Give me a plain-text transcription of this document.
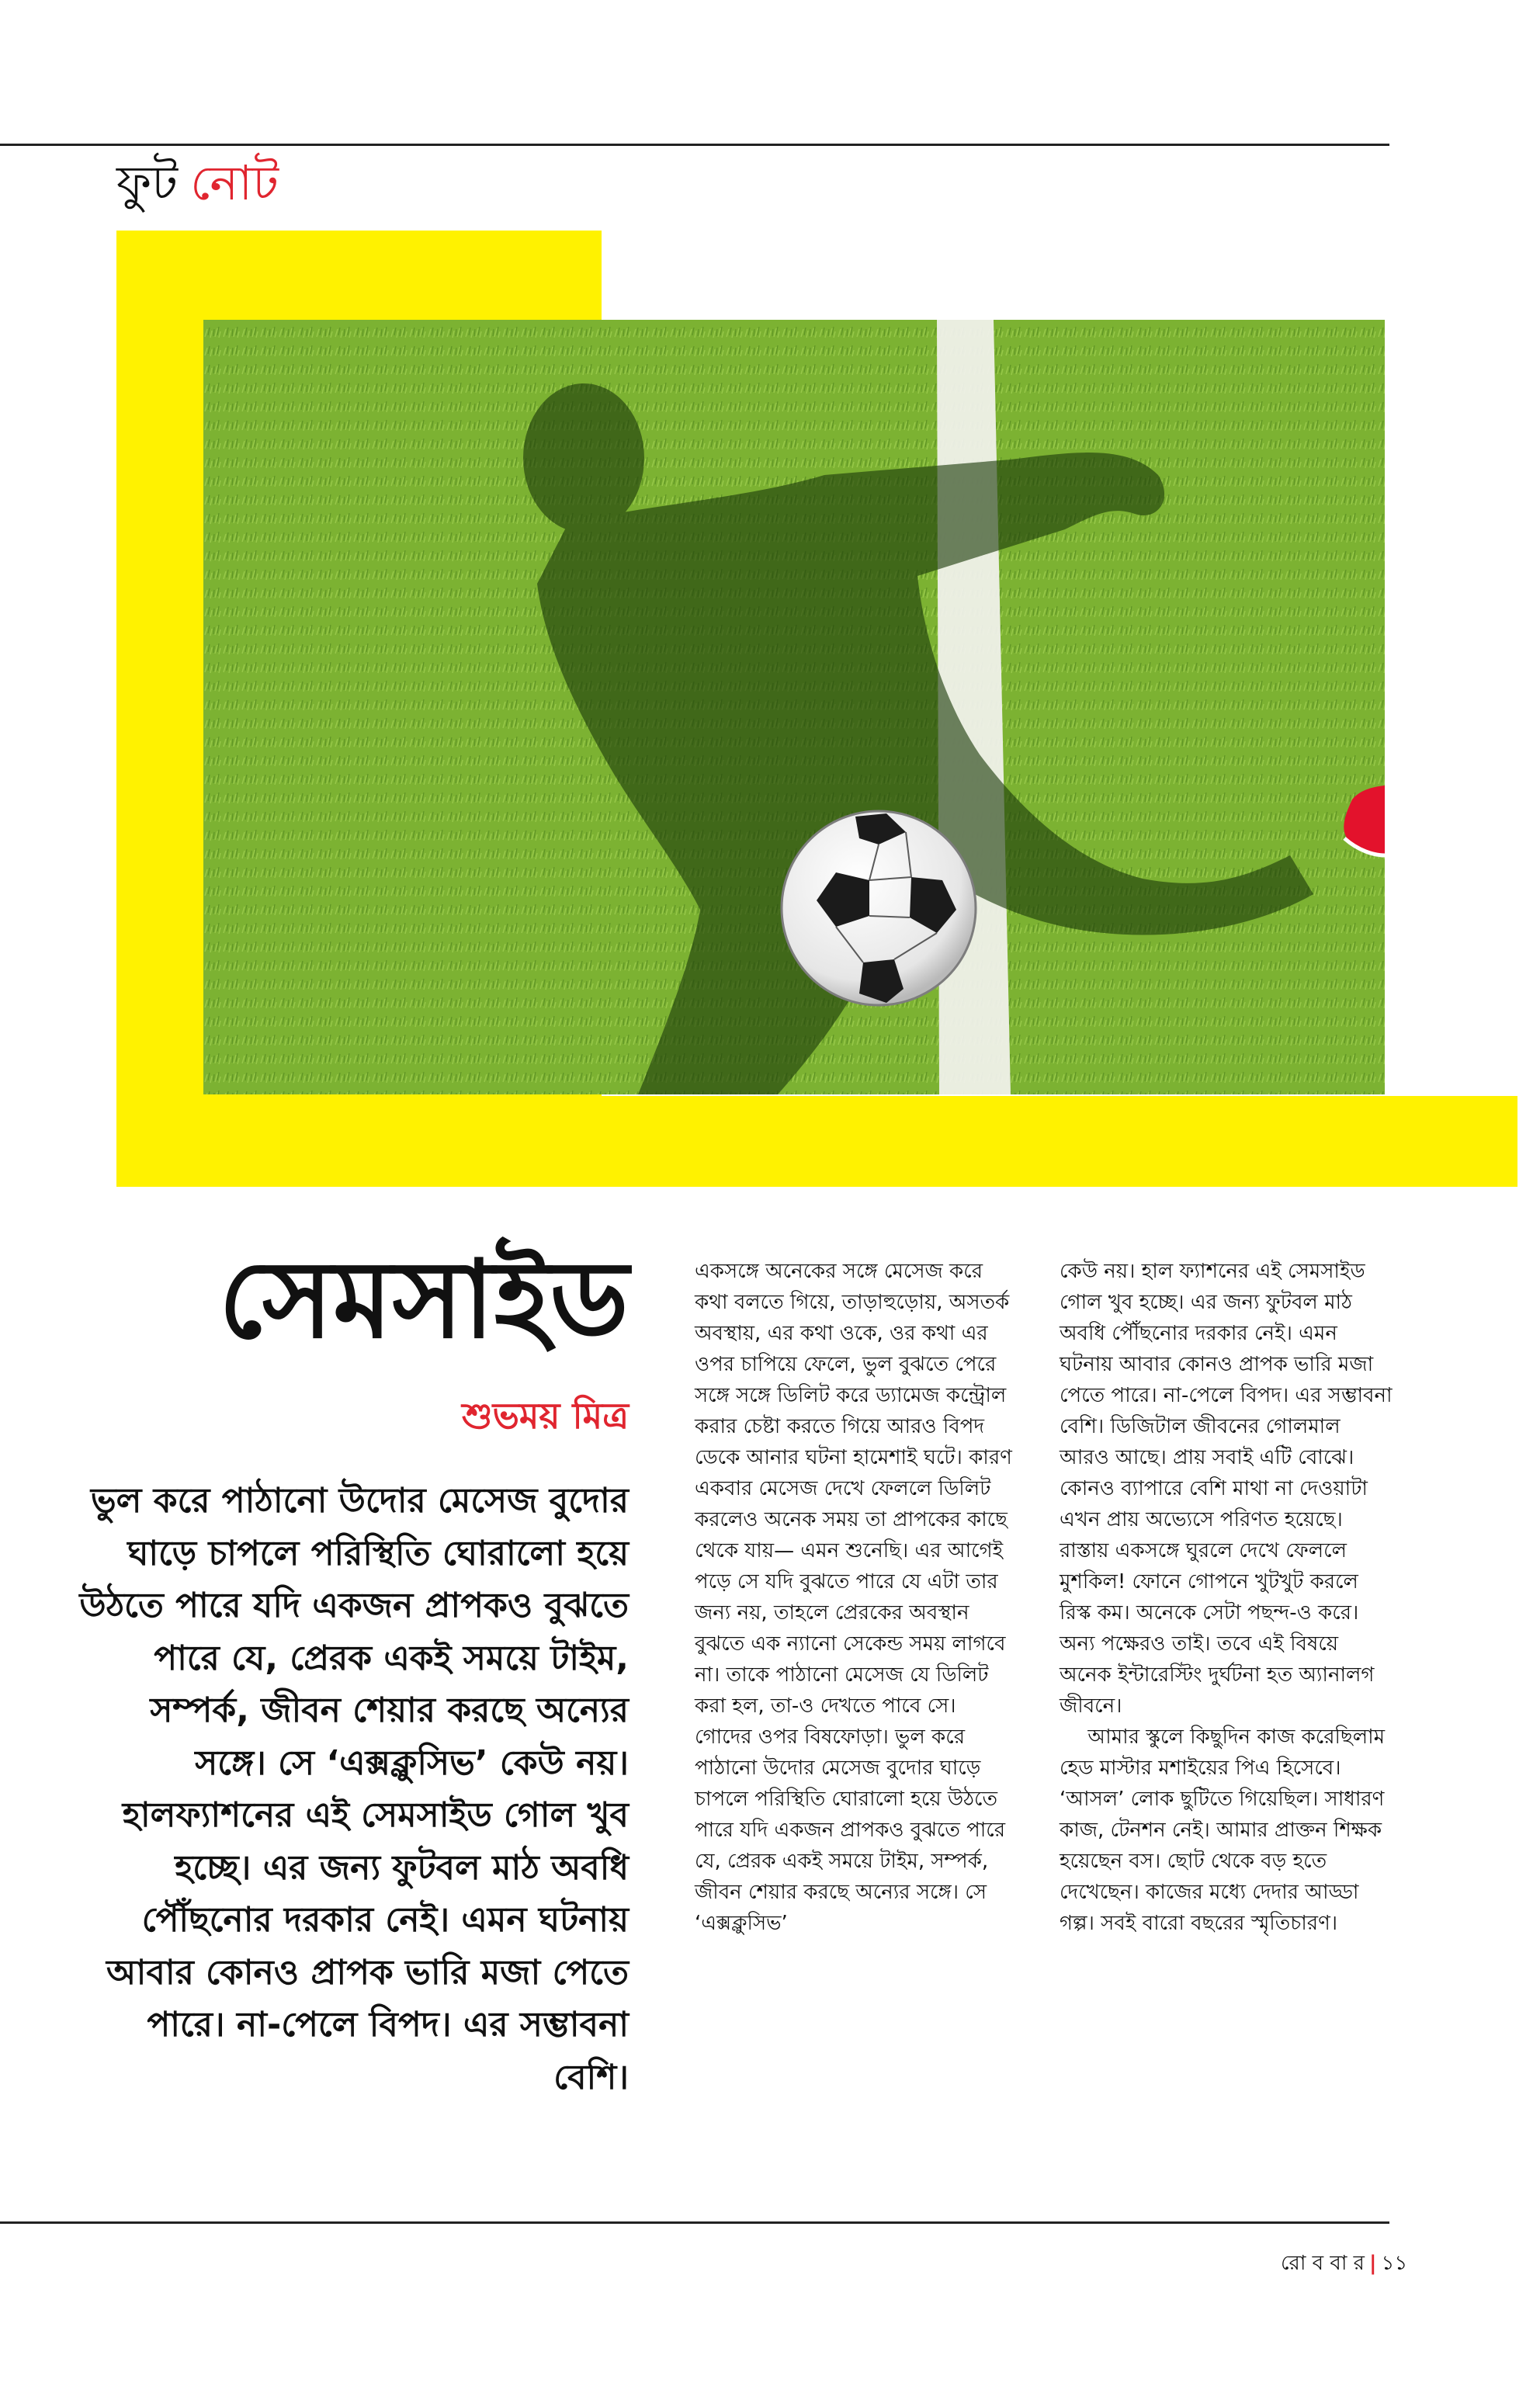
ফুট নোট
সেমসাইড
শুভময় মিত্র

ভুল করে পাঠানো উদোর মেসেজ বুদোর ঘাড়ে চাপলে পরিস্থিতি ঘোরালো হয়ে উঠতে পারে যদি একজন প্রাপকও বুঝতে পারে যে, প্রেরক একই সময়ে টাইম, সম্পর্ক, জীবন শেয়ার করছে অন্যের সঙ্গে। সে ‘এক্সক্লুসিভ’ কেউ নয়। হালফ্যাশনের এই সেমসাইড গোল খুব হচ্ছে। এর জন্য ফুটবল মাঠ অবধি পৌঁছনোর দরকার নেই। এমন ঘটনায় আবার কোনও প্রাপক ভারি মজা পেতে পারে। না-পেলে বিপদ। এর সম্ভাবনা বেশি।

একসঙ্গে অনেকের সঙ্গে মেসেজ করে কথা বলতে গিয়ে, তাড়াহুড়োয়, অসতর্ক অবস্থায়, এর কথা ওকে, ওর কথা এর ওপর চাপিয়ে ফেলে, ভুল বুঝতে পেরে সঙ্গে সঙ্গে ডিলিট করে ড্যামেজ কন্ট্রোল করার চেষ্টা করতে গিয়ে আরও বিপদ ডেকে আনার ঘটনা হামেশাই ঘটে। কারণ একবার মেসেজ দেখে ফেললে ডিলিট করলেও অনেক সময় তা প্রাপকের কাছে থেকে যায়— এমন শুনেছি। এর আগেই পড়ে সে যদি বুঝতে পারে যে এটা তার জন্য নয়, তাহলে প্রেরকের অবস্থান বুঝতে এক ন্যানো সেকেন্ড সময় লাগবে না। তাকে পাঠানো মেসেজ যে ডিলিট করা হল, তা-ও দেখতে পাবে সে। গোদের ওপর বিষফোড়া। ভুল করে পাঠানো উদোর মেসেজ বুদোর ঘাড়ে চাপলে পরিস্থিতি ঘোরালো হয়ে উঠতে পারে যদি একজন প্রাপকও বুঝতে পারে যে, প্রেরক একই সময়ে টাইম, সম্পর্ক, জীবন শেয়ার করছে অন্যের সঙ্গে। সে ‘এক্সক্লুসিভ’

কেউ নয়। হাল ফ্যাশনের এই সেমসাইড গোল খুব হচ্ছে। এর জন্য ফুটবল মাঠ অবধি পৌঁছনোর দরকার নেই। এমন ঘটনায় আবার কোনও প্রাপক ভারি মজা পেতে পারে। না-পেলে বিপদ। এর সম্ভাবনা বেশি। ডিজিটাল জীবনের গোলমাল আরও আছে। প্রায় সবাই এটি বোঝে। কোনও ব্যাপারে বেশি মাথা না দেওয়াটা এখন প্রায় অভ্যেসে পরিণত হয়েছে। রাস্তায় একসঙ্গে ঘুরলে দেখে ফেললে মুশকিল! ফোনে গোপনে খুটখুট করলে রিস্ক কম। অনেকে সেটা পছন্দ-ও করে। অন্য পক্ষেরও তাই। তবে এই বিষয়ে অনেক ইন্টারেস্টিং দুর্ঘটনা হত অ্যানালগ জীবনে।

আমার স্কুলে কিছুদিন কাজ করেছিলাম হেড মাস্টার মশাইয়ের পিএ হিসেবে। ‘আসল’ লোক ছুটিতে গিয়েছিল। সাধারণ কাজ, টেনশন নেই। আমার প্রাক্তন শিক্ষক হয়েছেন বস। ছোট থেকে বড় হতে দেখেছেন। কাজের মধ্যে দেদার আড্ডা গল্প। সবই বারো বছরের স্মৃতিচারণ।

রো ব বা র | ১১
